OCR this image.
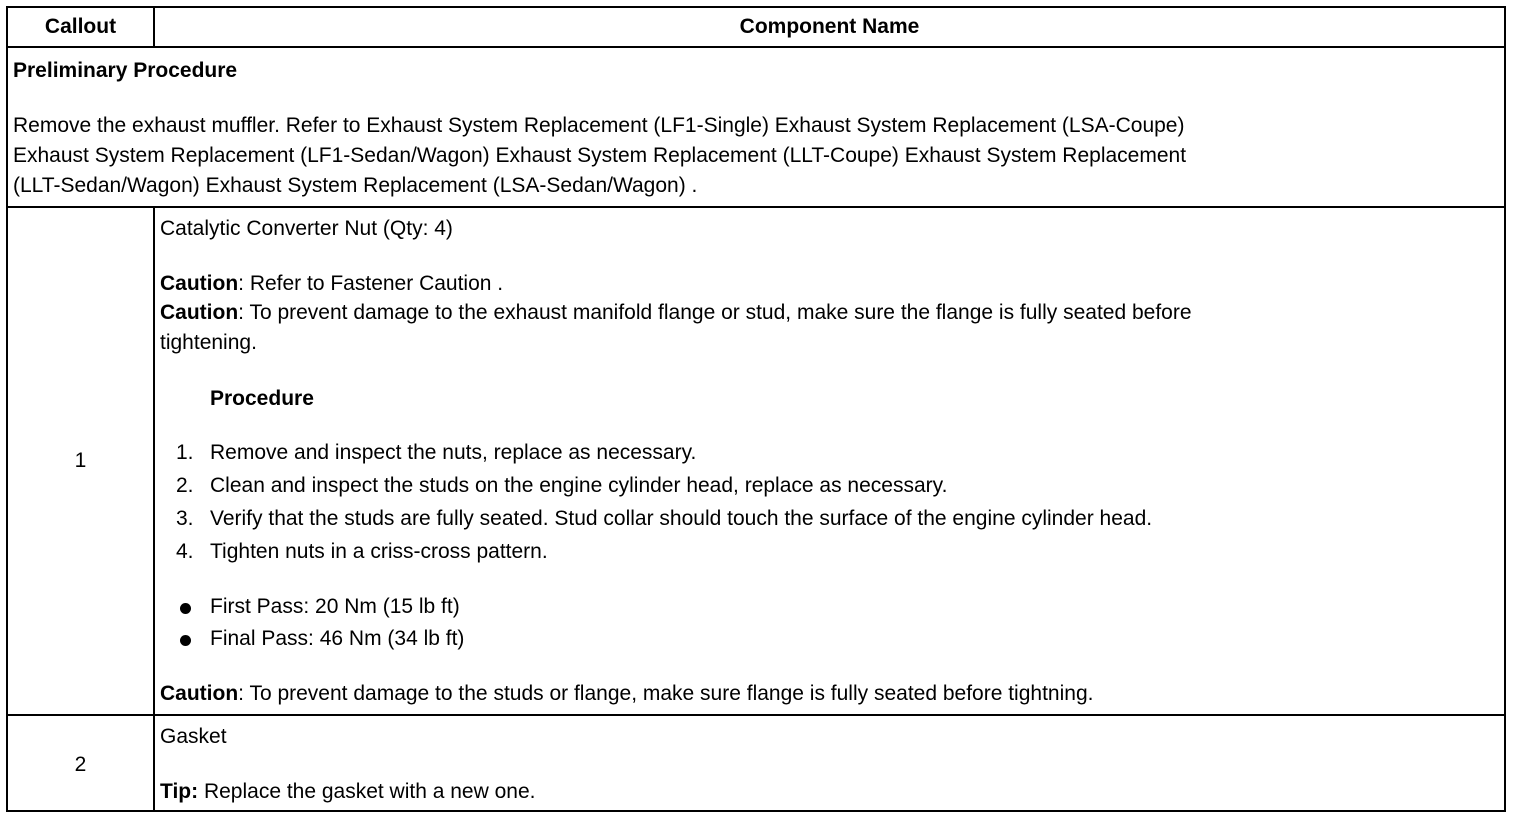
Callout	Component Name
Preliminary Procedure
Remove the exhaust muffler. Refer to Exhaust System Replacement (LF1-Single) Exhaust System Replacement (LSA-Coupe)
Exhaust System Replacement (LF1-Sedan/Wagon) Exhaust System Replacement (LLT-Coupe) Exhaust System Replacement
(LLT-Sedan/Wagon) Exhaust System Replacement (LSA-Sedan/Wagon) .
1
Catalytic Converter Nut (Qty: 4)
Caution: Refer to Fastener Caution .
Caution: To prevent damage to the exhaust manifold flange or stud, make sure the flange is fully seated before
tightening.
Procedure
1. Remove and inspect the nuts, replace as necessary.
2. Clean and inspect the studs on the engine cylinder head, replace as necessary.
3. Verify that the studs are fully seated. Stud collar should touch the surface of the engine cylinder head.
4. Tighten nuts in a criss-cross pattern.
First Pass: 20 Nm (15 lb ft)
Final Pass: 46 Nm (34 lb ft)
Caution: To prevent damage to the studs or flange, make sure flange is fully seated before tightning.
2
Gasket
Tip: Replace the gasket with a new one.
